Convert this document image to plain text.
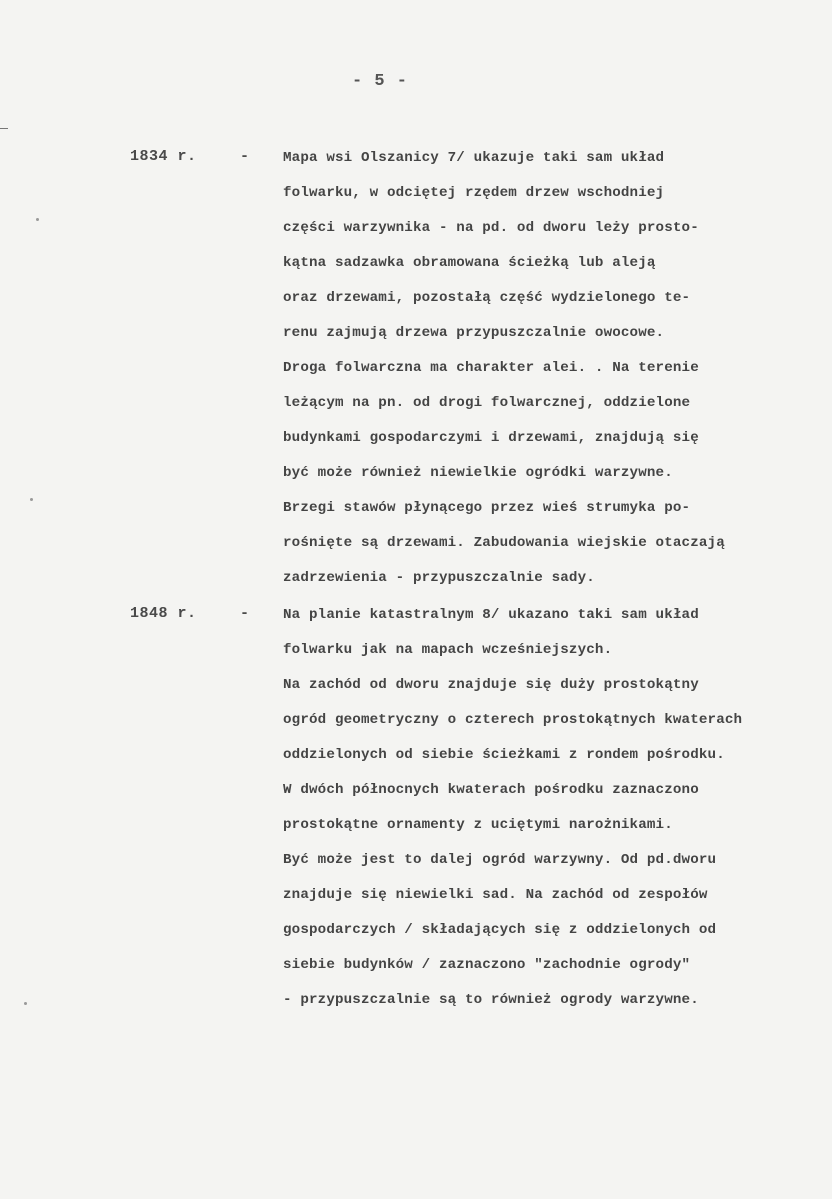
- 5 -
1834 r.	- Mapa wsi Olszanicy 7/ ukazuje taki sam układ
folwarku, w odciętej rzędem drzew wschodniej
części warzywnika - na pd. od dworu leży prosto-
kątna sadzawka obramowana ścieżką lub aleją
oraz drzewami, pozostałą część wydzielonego te-
renu zajmują drzewa przypuszczalnie owocowe.
Droga folwarczna ma charakter alei. . Na terenie
leżącym na pn. od drogi folwarcznej, oddzielone
budynkami gospodarczymi i drzewami, znajdują się
być może również niewielkie ogródki warzywne.
Brzegi stawów płynącego przez wieś strumyka po-
rośnięte są drzewami. Zabudowania wiejskie otaczają
zadrzewienia - przypuszczalnie sady.
1848 r.	- Na planie katastralnym 8/ ukazano taki sam układ
folwarku jak na mapach wcześniejszych.
Na zachód od dworu znajduje się duży prostokątny
ogród geometryczny o czterech prostokątnych kwaterach
oddzielonych od siebie ścieżkami z rondem pośrodku.
W dwóch północnych kwaterach pośrodku zaznaczono
prostokątne ornamenty z uciętymi narożnikami.
Być może jest to dalej ogród warzywny. Od pd.dworu
znajduje się niewielki sad. Na zachód od zespołów
gospodarczych / składających się z oddzielonych od
siebie budynków / zaznaczono "zachodnie ogrody"
- przypuszczalnie są to również ogrody warzywne.
